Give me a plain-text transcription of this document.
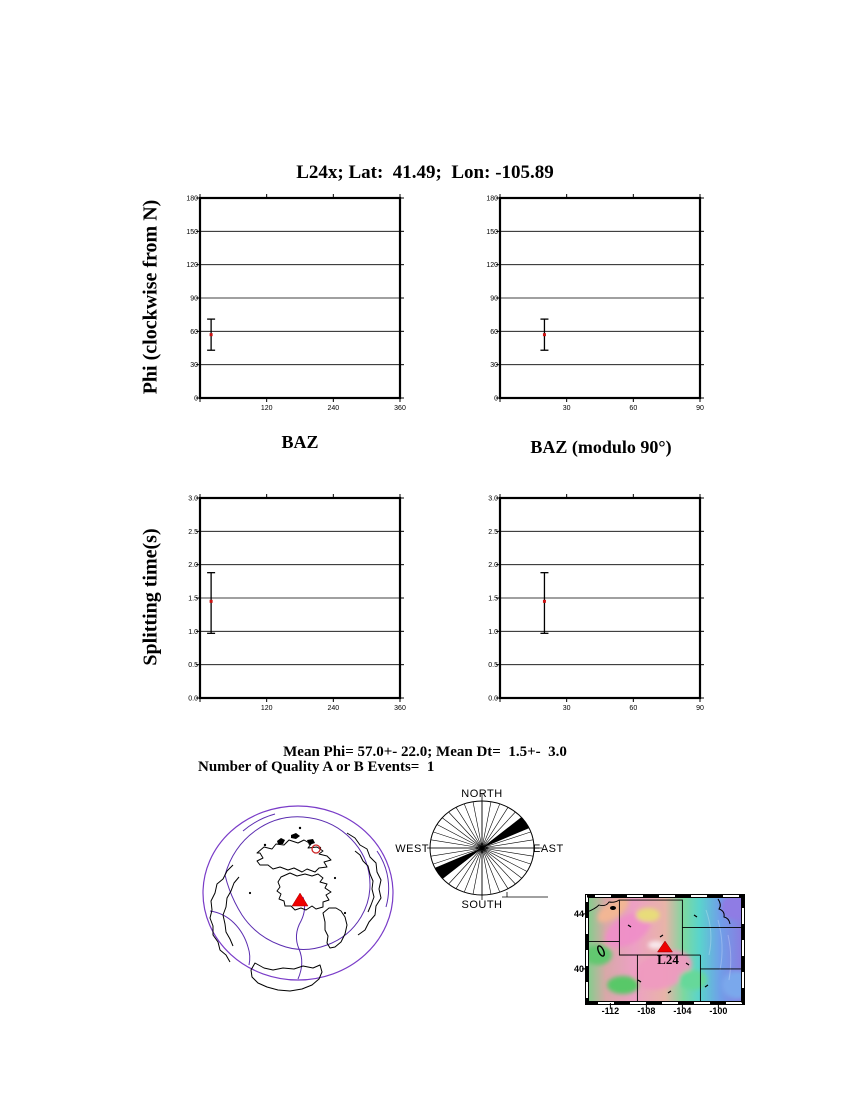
L24x; Lat:  41.49;  Lon: -105.89
Phi (clockwise from N)
Splitting time(s)
0
30
60
90
120
150
180
120	240	360
0
30
60
90
120
150
180
30	60	90
0.0
0.5
1.0
1.5
2.0
2.5
3.0
120	240	360
0.0
0.5
1.0
1.5
2.0
2.5
3.0
30	60	90
BAZ	BAZ (modulo 90°)
Mean Phi= 57.0+- 22.0; Mean Dt=  1.5+-  3.0
Number of Quality A or B Events=  1
NORTH
SOUTH
EAST
WEST
-112 -108 -104 -100
44
40
L24
